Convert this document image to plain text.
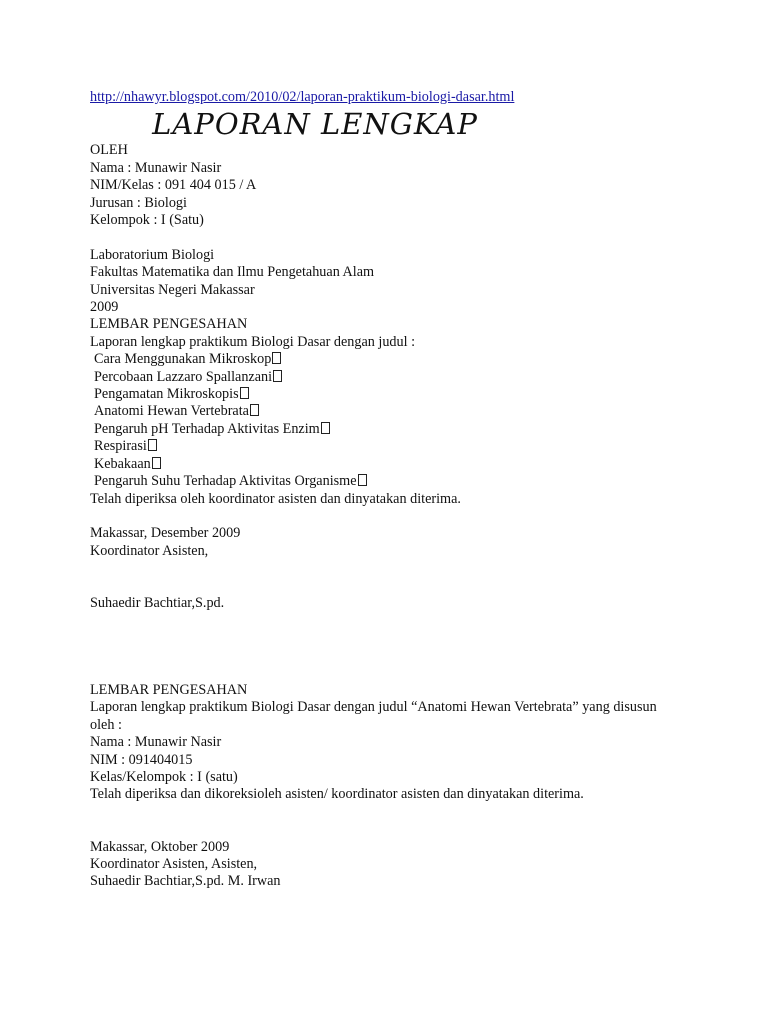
http://nhawyr.blogspot.com/2010/02/laporan-praktikum-biologi-dasar.html
LAPORAN LENGKAP
OLEH
Nama : Munawir Nasir
NIM/Kelas : 091 404 015 / A
Jurusan : Biologi
Kelompok : I (Satu)
Laboratorium Biologi
Fakultas Matematika dan Ilmu Pengetahuan Alam
Universitas Negeri Makassar
2009
LEMBAR PENGESAHAN
Laporan lengkap praktikum Biologi Dasar dengan judul :
Cara Menggunakan Mikroskop
Percobaan Lazzaro Spallanzani
Pengamatan Mikroskopis
Anatomi Hewan Vertebrata
Pengaruh pH Terhadap Aktivitas Enzim
Respirasi
Kebakaan
Pengaruh Suhu Terhadap Aktivitas Organisme
Telah diperiksa oleh koordinator asisten dan dinyatakan diterima.
Makassar, Desember 2009
Koordinator Asisten,
Suhaedir Bachtiar,S.pd.
LEMBAR PENGESAHAN
Laporan lengkap praktikum Biologi Dasar dengan judul “Anatomi Hewan Vertebrata” yang disusun oleh :
Nama : Munawir Nasir
NIM : 091404015
Kelas/Kelompok : I (satu)
Telah diperiksa dan dikoreksioleh asisten/ koordinator asisten dan dinyatakan diterima.
Makassar, Oktober 2009
Koordinator Asisten, Asisten,
Suhaedir Bachtiar,S.pd. M. Irwan
